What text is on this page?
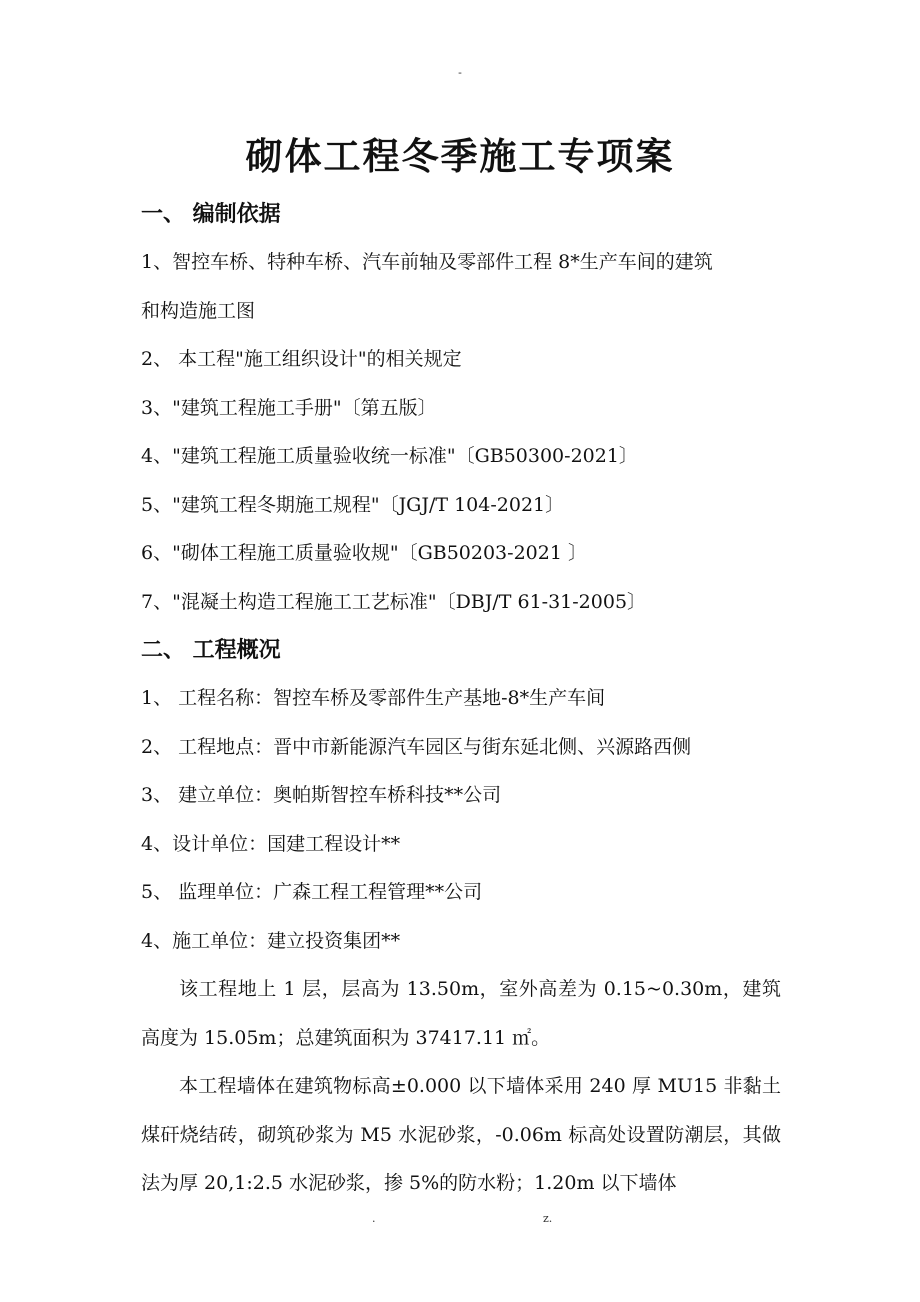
-
砌体工程冬季施工专项案
一、 编制依据
1、智控车桥、特种车桥、汽车前轴及零部件工程 8*生产车间的建筑
和构造施工图
2、 本工程"施工组织设计"的相关规定
3、"建筑工程施工手册"〔第五版〕
4、"建筑工程施工质量验收统一标准"〔GB50300-2021〕
5、"建筑工程冬期施工规程"〔JGJ/T 104-2021〕
6、"砌体工程施工质量验收规"〔GB50203-2021 〕
7、"混凝土构造工程施工工艺标准"〔DBJ/T 61-31-2005〕
二、 工程概况
1、 工程名称：智控车桥及零部件生产基地-8*生产车间
2、 工程地点：晋中市新能源汽车园区与街东延北侧、兴源路西侧
3、 建立单位：奥帕斯智控车桥科技**公司
4、设计单位：国建工程设计**
5、 监理单位：广森工程工程管理**公司
4、施工单位：建立投资集团**
该工程地上 1 层，层高为 13.50m，室外高差为 0.15~0.30m，建筑高度为 15.05m；总建筑面积为 37417.11 ㎡。
本工程墙体在建筑物标高±0.000 以下墙体采用 240 厚 MU15 非黏土煤矸烧结砖，砌筑砂浆为 M5 水泥砂浆，-0.06m 标高处设置防潮层，其做法为厚 20,1:2.5 水泥砂浆，掺 5%的防水粉；1.20m 以下墙体
.	z.
